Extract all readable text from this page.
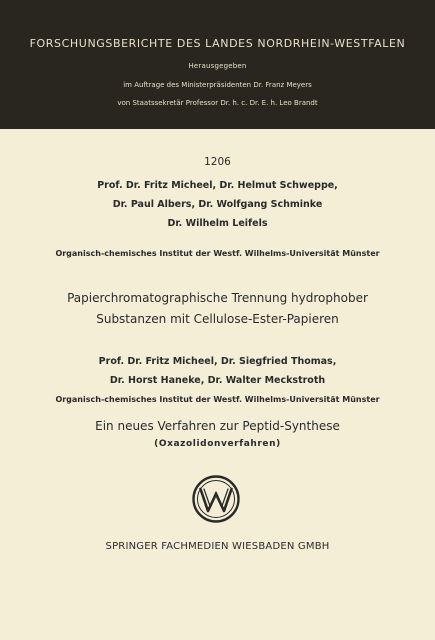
FORSCHUNGSBERICHTE DES LANDES NORDRHEIN-WESTFALEN
Herausgegeben
im Auftrage des Ministerpräsidenten Dr. Franz Meyers
von Staatssekretär Professor Dr. h. c. Dr. E. h. Leo Brandt
1206
Prof. Dr. Fritz Micheel, Dr. Helmut Schweppe,
Dr. Paul Albers, Dr. Wolfgang Schminke
Dr. Wilhelm Leifels
Organisch-chemisches Institut der Westf. Wilhelms-Universität Münster
Papierchromatographische Trennung hydrophober
Substanzen mit Cellulose-Ester-Papieren
Prof. Dr. Fritz Micheel, Dr. Siegfried Thomas,
Dr. Horst Haneke, Dr. Walter Meckstroth
Organisch-chemisches Institut der Westf. Wilhelms-Universität Münster
Ein neues Verfahren zur Peptid-Synthese
(Oxazolidonverfahren)
SPRINGER FACHMEDIEN WIESBADEN GMBH
